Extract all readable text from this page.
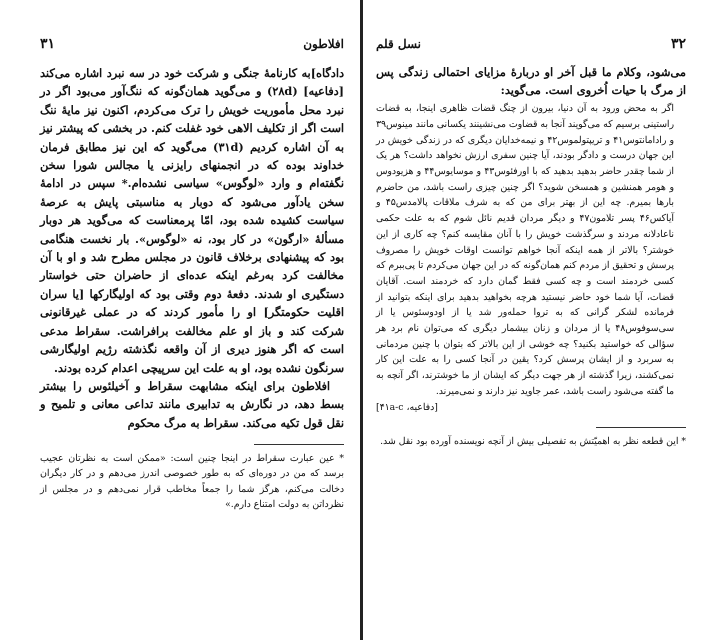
افلاطون
۳۱

دادگاه]به کارنامهٔ جنگی و شرکت خود در سه نبرد اشاره می‌کند [دفاعیه] (۲۸d) و می‌گوید همان‌گونه که ننگ‌آور می‌بود اگر در نبرد محل مأموریت خویش را ترک می‌کردم، اکنون نیز مایهٔ ننگ است اگر از تکلیف الاهی خود غفلت کنم. در بخشی که پیشتر نیز به آن اشاره کردیم (۳۱d) می‌گوید که این نیز مطابق فرمان خداوند بوده که در انجمنهای رایزنی یا مجالس شورا سخن نگفته‌ام و وارد «لوگوس» سیاسی نشده‌ام.* سپس در ادامهٔ سخن یادآور می‌شود که دوبار به مناسبتی پایش به عرصهٔ سیاست کشیده شده بود، امّا پرمعناست که می‌گوید هر دوبار مسألهٔ «ارگون» در کار بود، نه «لوگوس». بار نخست هنگامی بود که پیشنهادی برخلاف قانون در مجلس مطرح شد و او با آن مخالفت کرد به‌رغم اینکه عده‌ای از حاضران حتی خواستار دستگیری او شدند. دفعهٔ دوم وقتی بود که اولیگارکها [یا سران اقلیت حکومتگر] او را مأمور کردند که در عملی غیرقانونی شرکت کند و باز او علم مخالفت برافراشت. سقراط مدعی است که اگر هنوز دیری از آن واقعه نگذشته رژیم اولیگارشی سرنگون نشده بود، او به علت این سرپیچی اعدام کرده بودند.

افلاطون برای اینکه مشابهت سقراط و آخیلئوس را بیشتر بسط دهد، در نگارش به تدابیری مانند تداعی معانی و تلمیح و نقل قول تکیه می‌کند. سقراط به مرگ محکوم

* عین عبارت سقراط در اینجا چنین است: «ممکن است به نظرتان عجیب برسد که من در دوره‌ای که به طور خصوصی اندرز می‌دهم و در کار دیگران دخالت می‌کنم، هرگز شما را جمعاً مخاطب قرار نمی‌دهم و در مجلس از نظرداتن به دولت امتناع دارم.»

۳۲
نسل قلم

می‌شود، وکلام ما قبل آخر او دربارهٔ مزایای احتمالی زندگی پس از مرگ با حیات اُخروی است. می‌گوید:

اگر به محض ورود به آن دنیا، بیرون از چنگ قضات ظاهری اینجا، به قضات راستینی برسیم که می‌گویند آنجا به قضاوت می‌نشینند یکسانی مانند مینوس۳۹ و رادامانتوس۴۱ و تریپتولموس۴۲ و نیمه‌خدایان دیگری که در زندگی خویش در این جهان درست و دادگر بودند، آیا چنین سفری ارزش نخواهد داشت؟ هر یک از شما چقدر حاضر بدهید بدهید که با اورفئوس۴۳ و موسایوس۴۴ و هزیودوس و هومر همنشین و همسخن شوید؟ اگر چنین چیزی راست باشد، من حاضرم بارها بمیرم. چه این از بهتر برای من که به شرف ملاقات پالامدس۴۵ و آیاکس۴۶ پسر تلامون۴۷ و دیگر مردان قدیم نائل شوم که به علت حکمی ناعادلانه مردند و سرگذشت خویش را با آنان مقایسه کنم؟ چه کاری از این خوشتر؟ بالاتر از همه اینکه آنجا خواهم توانست اوقات خویش را مصروف پرسش و تحقیق از مردم کنم همان‌گونه که در این جهان می‌کردم تا پی‌ببرم که کسی خردمند است و چه کسی فقط گمان دارد که خردمند است. آقایان قضات، آیا شما خود حاضر نیستید هرچه بخواهید بدهید برای اینکه بتوانید از فرمانده لشکر گرانی که به تروا حمله‌ور شد یا از اودوسئوس یا از سی‌سوفوس۴۸ یا از مردان و زنان بیشمار دیگری که می‌توان نام برد هر سؤالی که خواستید بکنید؟ چه خوشی از این بالاتر که بتوان با چنین مردمانی به سربرد و از ایشان پرسش کرد؟ یقین در آنجا کسی را به علت این کار نمی‌کشند، زیرا گذشته از هر جهت دیگر که ایشان از ما خوشترند، اگر آنچه به ما گفته می‌شود راست باشد، عمر جاوید نیز دارند و نمی‌میرند.
[دفاعیه، ۴۱a-c]

* این قطعه نظر به اهمیّتش به تفصیلی بیش از آنچه نویسنده آورده بود نقل شد.
